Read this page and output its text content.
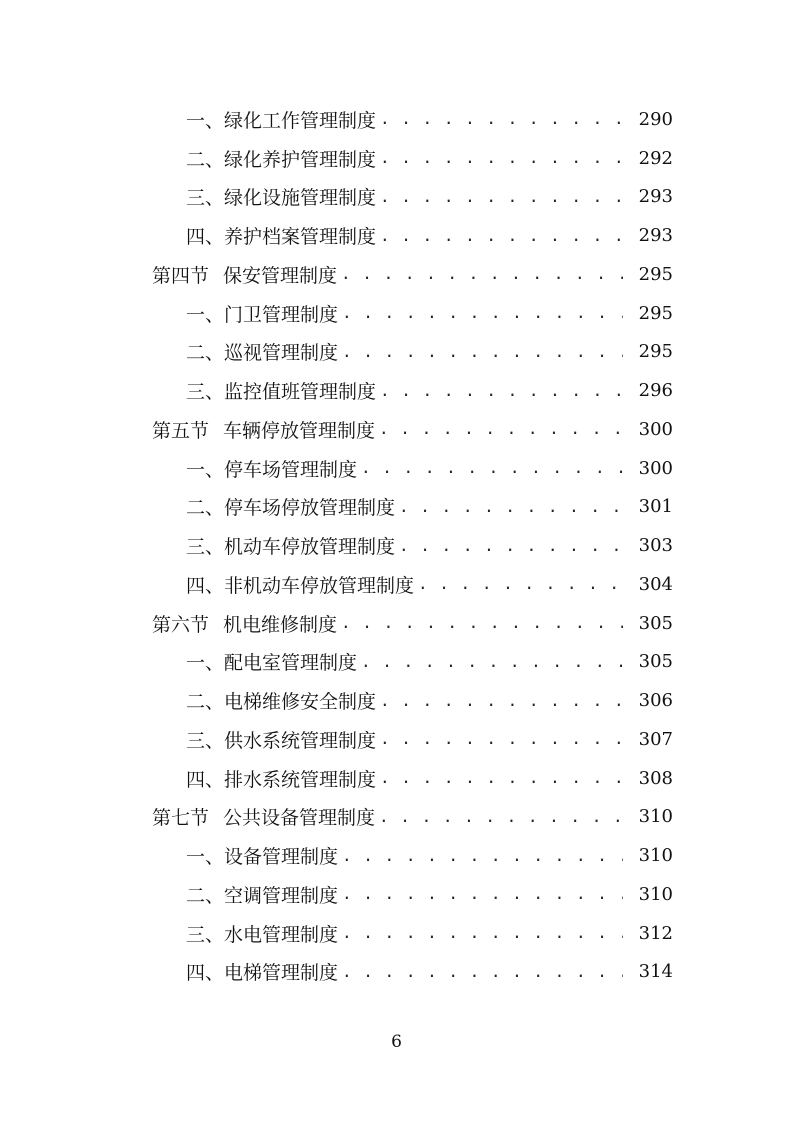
一、绿化工作管理制度 . . .	290
二、绿化养护管理制度 . . .	292
三、绿化设施管理制度 . . .	293
四、养护档案管理制度 . . .	293
第四节 保安管理制度 . . .	295
一、门卫管理制度 . . .	295
二、巡视管理制度 . . .	295
三、监控值班管理制度 . . .	296
第五节 车辆停放管理制度 . . .	300
一、停车场管理制度 . . .	300
二、停车场停放管理制度 . . .	301
三、机动车停放管理制度 . . .	303
四、非机动车停放管理制度 . . .	304
第六节 机电维修制度 . . .	305
一、配电室管理制度 . . .	305
二、电梯维修安全制度 . . .	306
三、供水系统管理制度 . . .	307
四、排水系统管理制度 . . .	308
第七节 公共设备管理制度 . . .	310
一、设备管理制度 . . .	310
二、空调管理制度 . . .	310
三、水电管理制度 . . .	312
四、电梯管理制度 . . .	314
6
